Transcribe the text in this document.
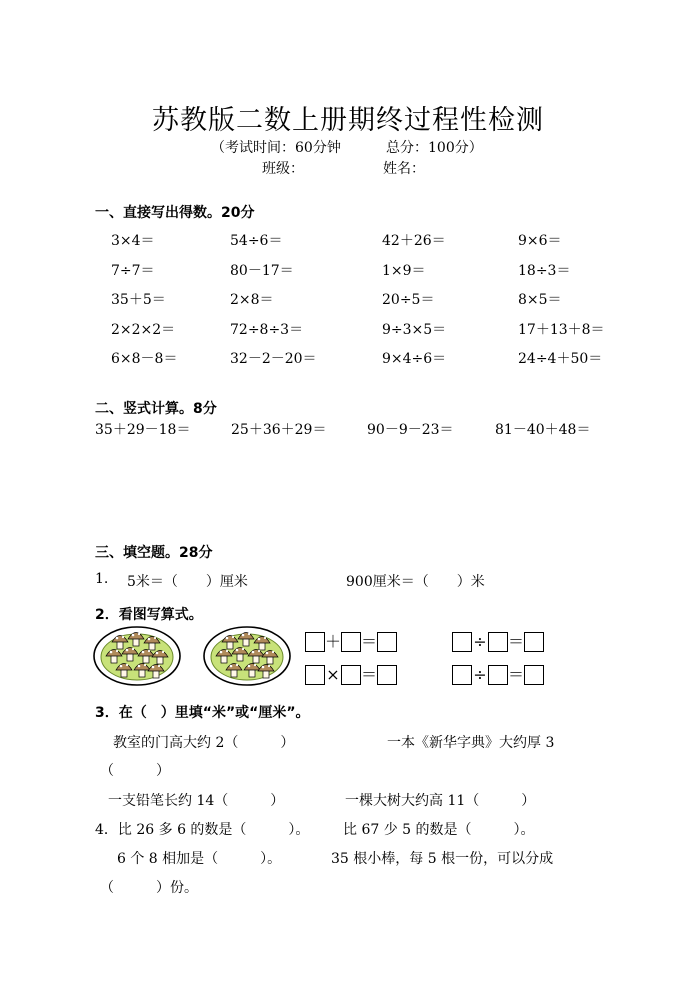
苏教版二数上册期终过程性检测
（考试时间：60分钟	总分：100分）
班级：	姓名：
一、直接写出得数。20分
3×4＝	54÷6＝	42＋26＝	9×6＝
7÷7＝	80－17＝	1×9＝	18÷3＝
35＋5＝	2×8＝	20÷5＝	8×5＝
2×2×2＝	72÷8÷3＝	9÷3×5＝	17＋13＋8＝
6×8－8＝	32－2－20＝	9×4÷6＝	24÷4＋50＝
二、竖式计算。8分
35＋29－18＝	25＋36＋29＝	90－9－23＝	81－40＋48＝
三、填空题。28分
1. 5米＝（　　）厘米	900厘米＝（　　）米
2．看图写算式。
＋ ＝	÷ ＝
× ＝	÷ ＝
3．在（　）里填“米”或“厘米”。
教室的门高大约 2（　　　）	一本《新华字典》大约厚 3
（　　　）
一支铅笔长约 14（　　　）	一棵大树大约高 11（　　　）
4．比 26 多 6 的数是（　　　）。 比 67 少 5 的数是（　　　）。
6 个 8 相加是（　　　）。	35 根小棒，每 5 根一份，可以分成
（　　　）份。
